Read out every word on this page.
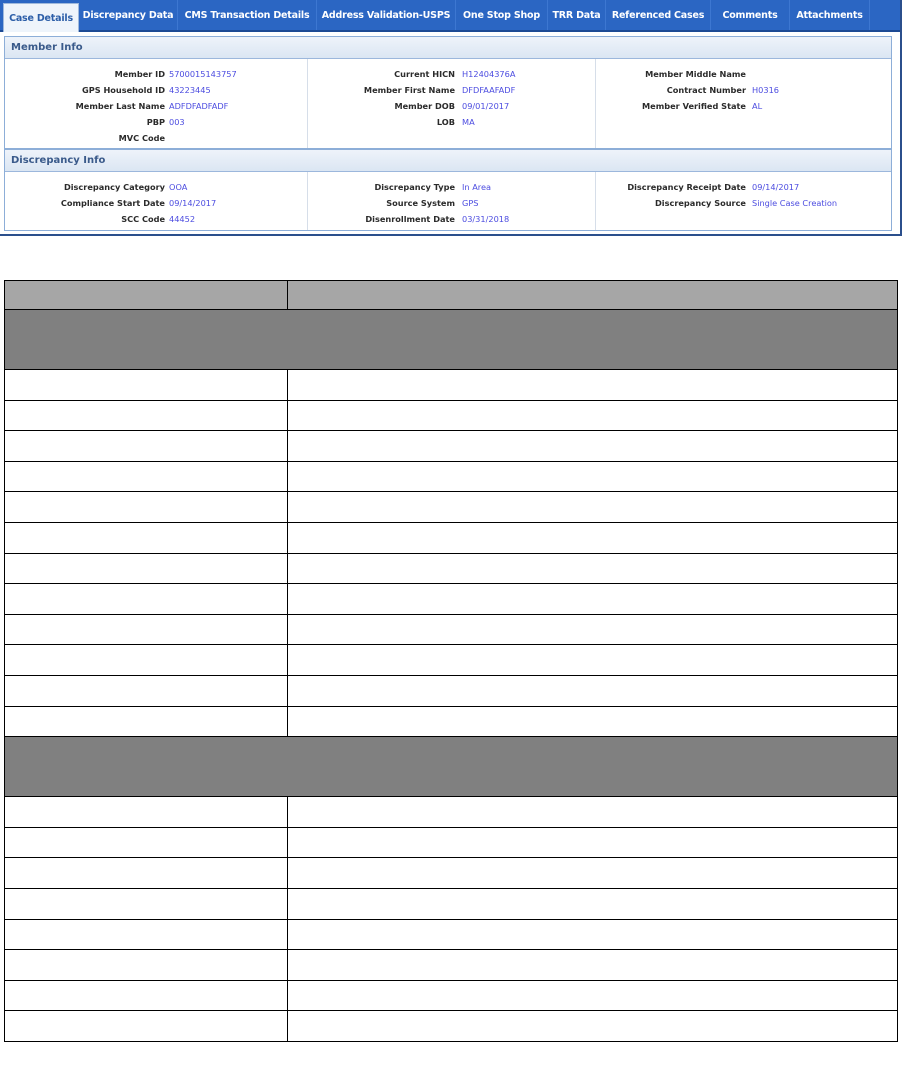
Case Details	Discrepancy Data	CMS Transaction Details	Address Validation-USPS	One Stop Shop	TRR Data	Referenced Cases	Comments	Attachments
Member Info
Member ID 5700015143757
GPS Household ID 43223445
Member Last Name ADFDFADFADF
PBP 003
MVC Code
Current HICN H12404376A
Member First Name DFDFAAFADF
Member DOB 09/01/2017
LOB MA
Member Middle Name
Contract Number H0316
Member Verified State AL
Discrepancy Info
Discrepancy Category OOA
Compliance Start Date 09/14/2017
SCC Code 44452
Discrepancy Type In Area
Source System GPS
Disenrollment Date 03/31/2018
Discrepancy Receipt Date 09/14/2017
Discrepancy Source Single Case Creation
